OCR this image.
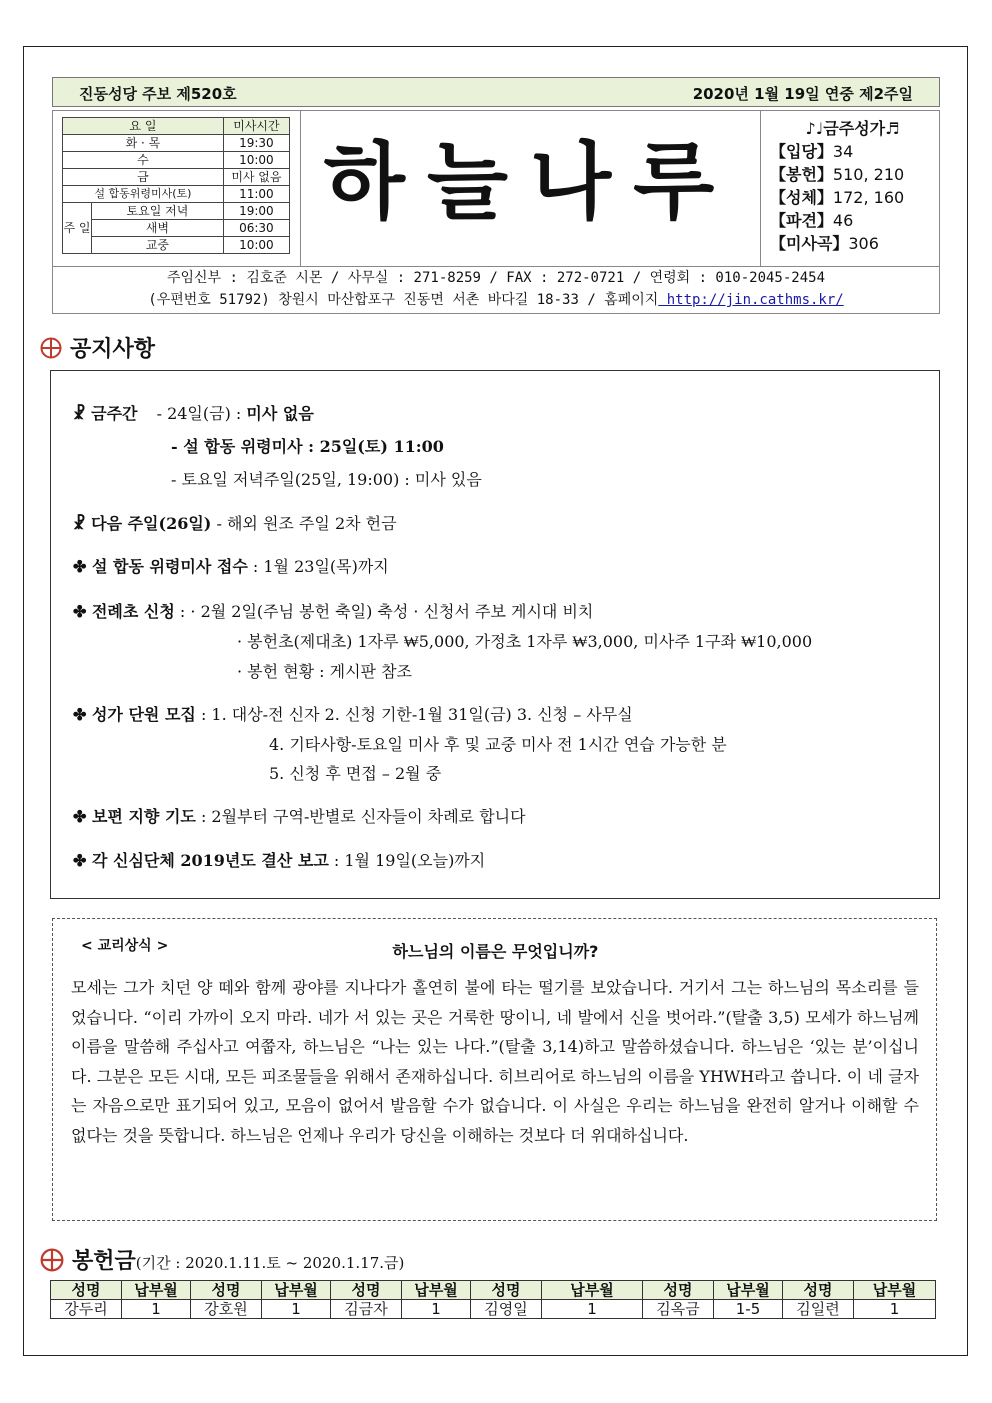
진동성당 주보 제520호	2020년 1월 19일 연중 제2주일
요 일		미사시간
화 · 목		19:30
수		10:00
금		미사 없음
설 합동위령미사(토)		11:00
주 일	토요일 저녁	19:00
	새벽	06:30
	교중	10:00
하늘나루
♪♩금주성가♬
【입당】34
【봉헌】510, 210
【성체】172, 160
【파견】46
【미사곡】306
주임신부 : 김호준 시몬 / 사무실 : 271-8259 / FAX : 272-0721 / 연령회 : 010-2045-2454
(우편번호 51792) 창원시 마산합포구 진동면 서촌 바다길 18-33 / 홈페이지 http://jin.cathms.kr/
공지사항
☧ 금주간 - 24일(금) : 미사 없음
- 설 합동 위령미사 : 25일(토) 11:00
- 토요일 저녁주일(25일, 19:00) : 미사 있음
☧ 다음 주일(26일) - 해외 원조 주일 2차 헌금
✤ 설 합동 위령미사 접수 : 1월 23일(목)까지
✤ 전례초 신청 : · 2월 2일(주님 봉헌 축일) 축성 · 신청서 주보 게시대 비치
· 봉헌초(제대초) 1자루 ₩5,000, 가정초 1자루 ₩3,000, 미사주 1구좌 ₩10,000
· 봉헌 현황 : 게시판 참조
✤ 성가 단원 모집 : 1. 대상-전 신자 2. 신청 기한-1월 31일(금) 3. 신청 – 사무실
4. 기타사항-토요일 미사 후 및 교중 미사 전 1시간 연습 가능한 분
5. 신청 후 면접 – 2월 중
✤ 보편 지향 기도 : 2월부터 구역-반별로 신자들이 차례로 합니다
✤ 각 신심단체 2019년도 결산 보고 : 1월 19일(오늘)까지
< 교리상식 >	하느님의 이름은 무엇입니까?
모세는 그가 치던 양 떼와 함께 광야를 지나다가 홀연히 불에 타는 떨기를 보았습니다. 거기서 그는 하느님의 목소리를 들었습니다. “이리 가까이 오지 마라. 네가 서 있는 곳은 거룩한 땅이니, 네 발에서 신을 벗어라.”(탈출 3,5) 모세가 하느님께 이름을 말씀해 주십사고 여쭙자, 하느님은 “나는 있는 나다.”(탈출 3,14)하고 말씀하셨습니다. 하느님은 ‘있는 분’이십니다. 그분은 모든 시대, 모든 피조물들을 위해서 존재하십니다. 히브리어로 하느님의 이름을 YHWH라고 씁니다. 이 네 글자는 자음으로만 표기되어 있고, 모음이 없어서 발음할 수가 없습니다. 이 사실은 우리는 하느님을 완전히 알거나 이해할 수 없다는 것을 뜻합니다. 하느님은 언제나 우리가 당신을 이해하는 것보다 더 위대하십니다.
봉헌금(기간 : 2020.1.11.토 ~ 2020.1.17.금)
성명	납부월	성명	납부월	성명	납부월	성명	납부월	성명	납부월	성명	납부월
강두리	1	강호원	1	김금자	1	김영일	1	김옥금	1-5	김일련	1
